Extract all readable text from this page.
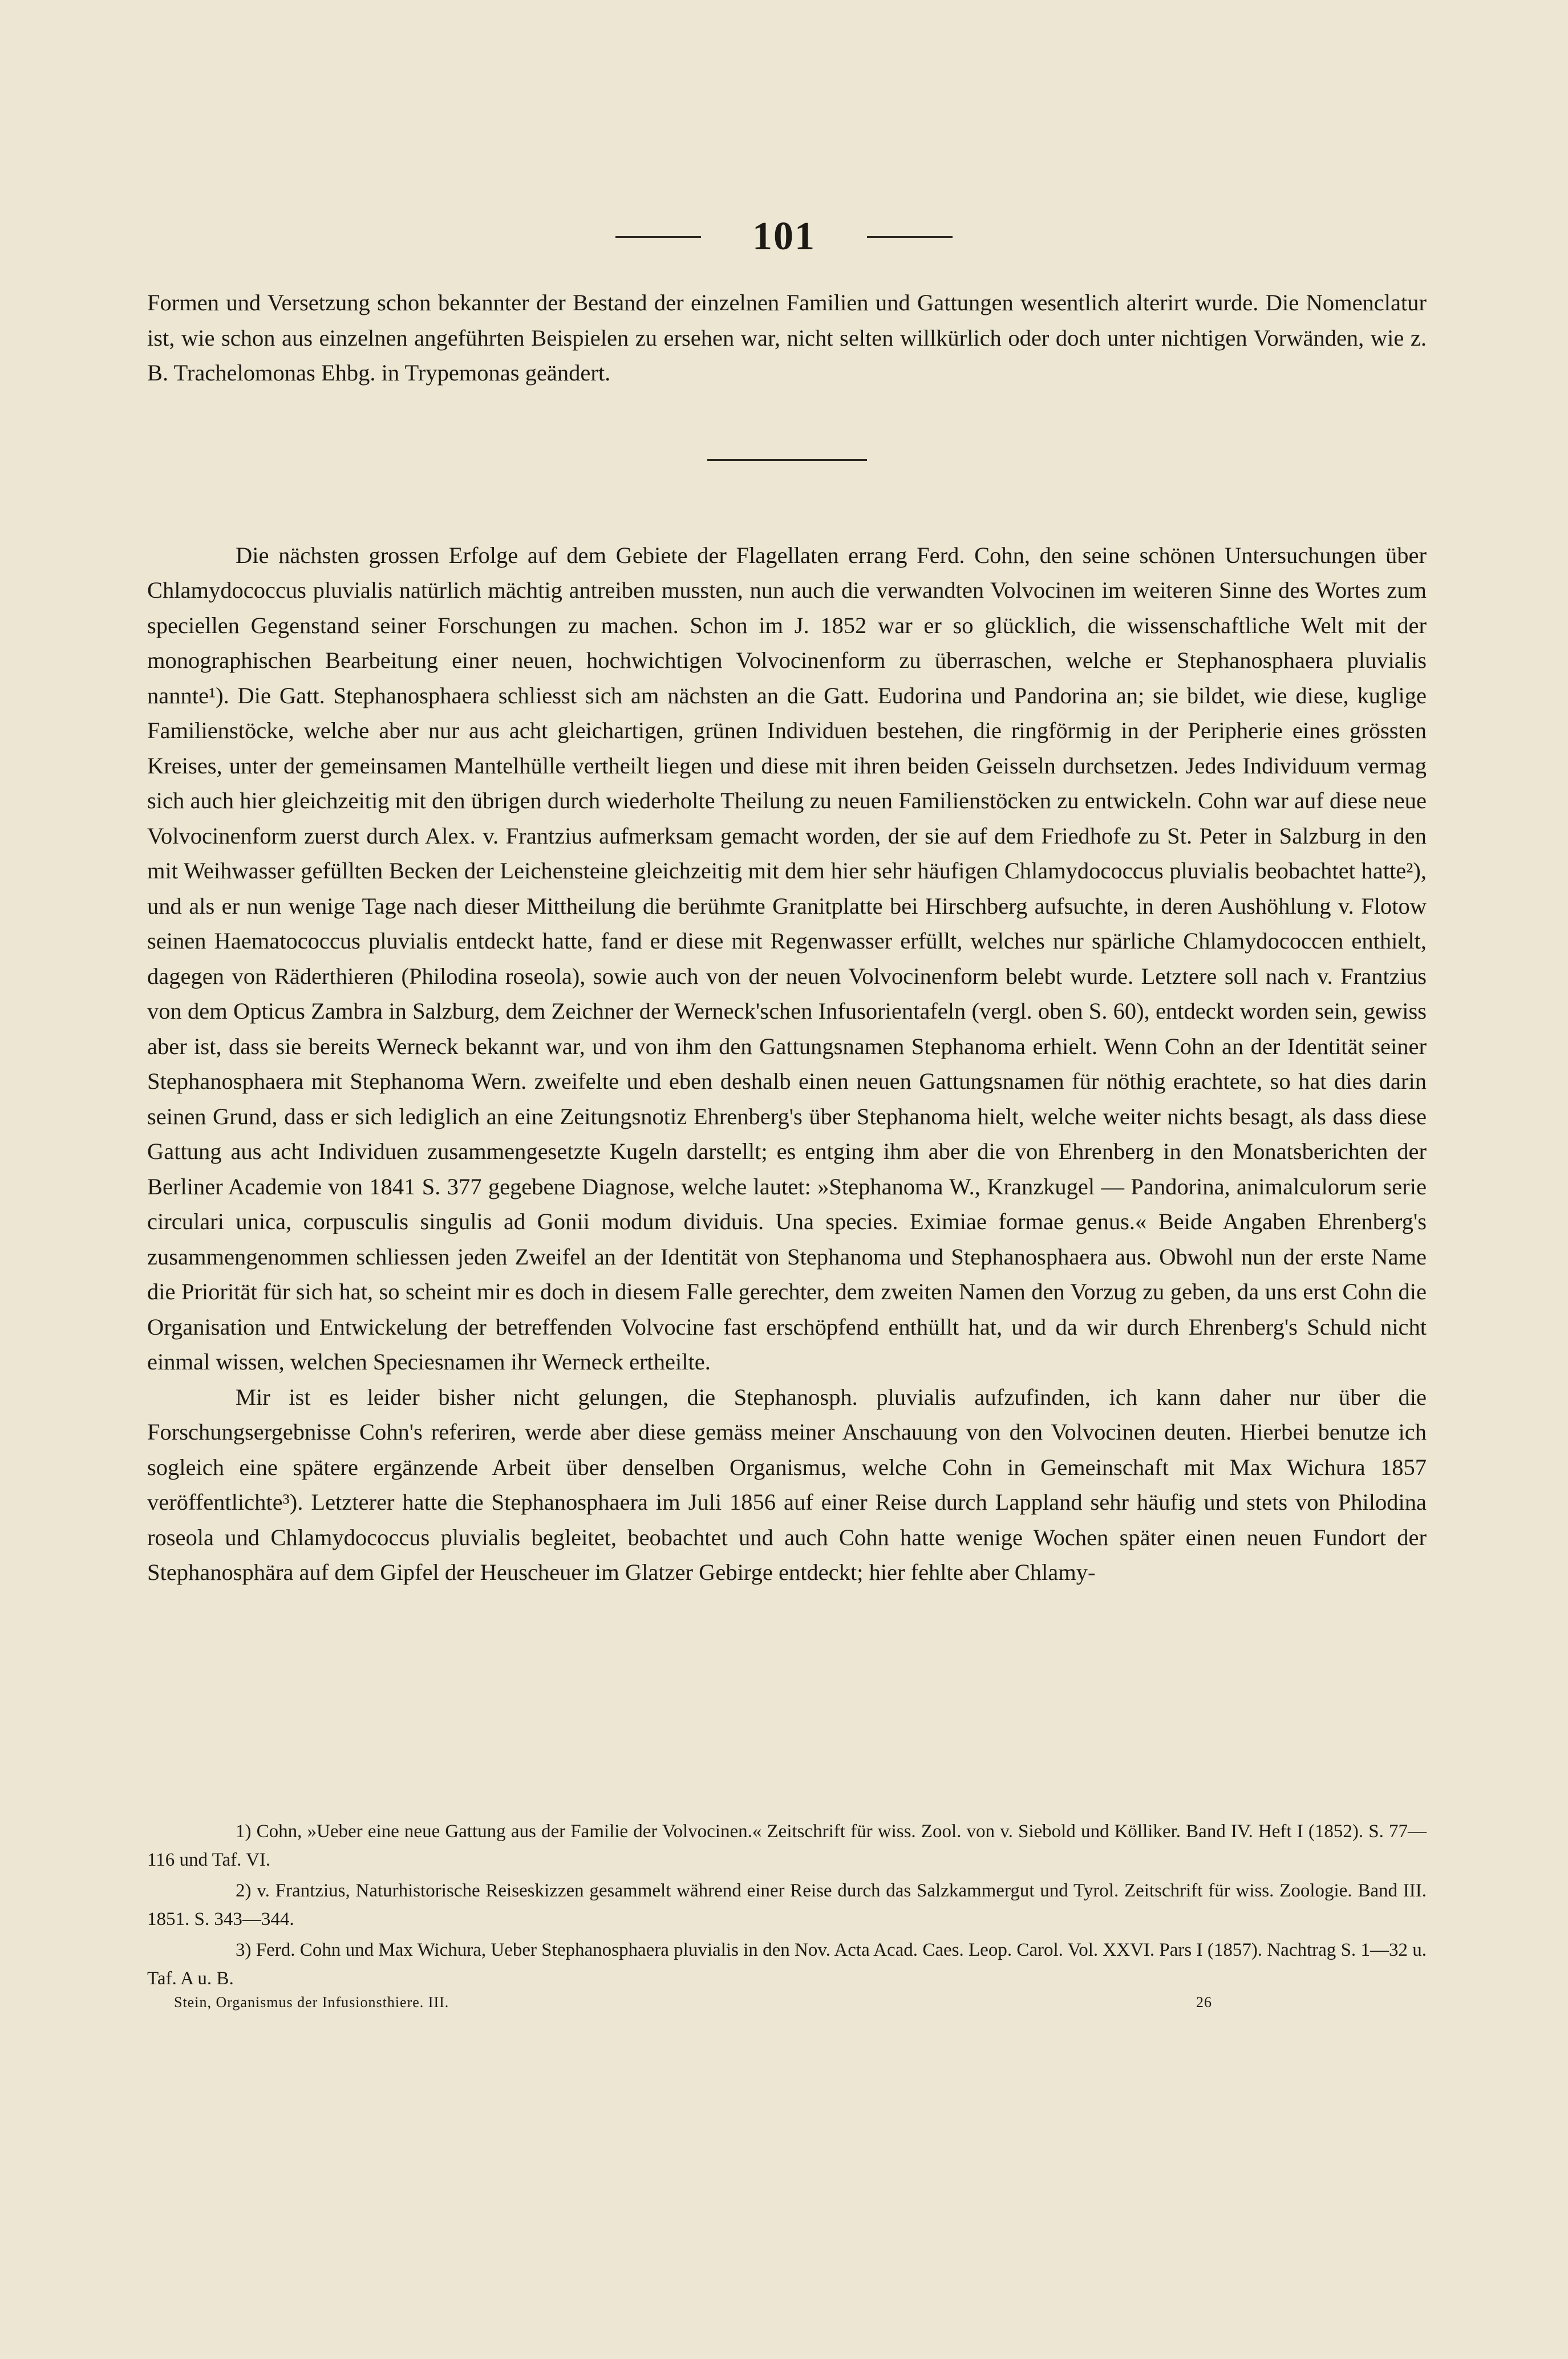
101

Formen und Versetzung schon bekannter der Bestand der einzelnen Familien und Gattungen wesentlich alterirt wurde. Die Nomenclatur ist, wie schon aus einzelnen angeführten Beispielen zu ersehen war, nicht selten willkürlich oder doch unter nichtigen Vorwänden, wie z. B. Trachelomonas Ehbg. in Trypemonas geändert.

Die nächsten grossen Erfolge auf dem Gebiete der Flagellaten errang Ferd. Cohn, den seine schönen Untersuchungen über Chlamydococcus pluvialis natürlich mächtig antreiben mussten, nun auch die verwandten Volvocinen im weiteren Sinne des Wortes zum speciellen Gegenstand seiner Forschungen zu machen. Schon im J. 1852 war er so glücklich, die wissenschaftliche Welt mit der monographischen Bearbeitung einer neuen, hochwichtigen Volvocinenform zu überraschen, welche er Stephanosphaera pluvialis nannte¹). Die Gatt. Stephanosphaera schliesst sich am nächsten an die Gatt. Eudorina und Pandorina an; sie bildet, wie diese, kuglige Familienstöcke, welche aber nur aus acht gleichartigen, grünen Individuen bestehen, die ringförmig in der Peripherie eines grössten Kreises, unter der gemeinsamen Mantelhülle vertheilt liegen und diese mit ihren beiden Geisseln durchsetzen. Jedes Individuum vermag sich auch hier gleichzeitig mit den übrigen durch wiederholte Theilung zu neuen Familienstöcken zu entwickeln. Cohn war auf diese neue Volvocinenform zuerst durch Alex. v. Frantzius aufmerksam gemacht worden, der sie auf dem Friedhofe zu St. Peter in Salzburg in den mit Weihwasser gefüllten Becken der Leichensteine gleichzeitig mit dem hier sehr häufigen Chlamydococcus pluvialis beobachtet hatte²), und als er nun wenige Tage nach dieser Mittheilung die berühmte Granitplatte bei Hirschberg aufsuchte, in deren Aushöhlung v. Flotow seinen Haematococcus pluvialis entdeckt hatte, fand er diese mit Regenwasser erfüllt, welches nur spärliche Chlamydococcen enthielt, dagegen von Räderthieren (Philodina roseola), sowie auch von der neuen Volvocinenform belebt wurde. Letztere soll nach v. Frantzius von dem Opticus Zambra in Salzburg, dem Zeichner der Werneck'schen Infusorientafeln (vergl. oben S. 60), entdeckt worden sein, gewiss aber ist, dass sie bereits Werneck bekannt war, und von ihm den Gattungsnamen Stephanoma erhielt. Wenn Cohn an der Identität seiner Stephanosphaera mit Stephanoma Wern. zweifelte und eben deshalb einen neuen Gattungsnamen für nöthig erachtete, so hat dies darin seinen Grund, dass er sich lediglich an eine Zeitungsnotiz Ehrenberg's über Stephanoma hielt, welche weiter nichts besagt, als dass diese Gattung aus acht Individuen zusammengesetzte Kugeln darstellt; es entging ihm aber die von Ehrenberg in den Monatsberichten der Berliner Academie von 1841 S. 377 gegebene Diagnose, welche lautet: »Stephanoma W., Kranzkugel — Pandorina, animalculorum serie circulari unica, corpusculis singulis ad Gonii modum dividuis. Una species. Eximiae formae genus.« Beide Angaben Ehrenberg's zusammengenommen schliessen jeden Zweifel an der Identität von Stephanoma und Stephanosphaera aus. Obwohl nun der erste Name die Priorität für sich hat, so scheint mir es doch in diesem Falle gerechter, dem zweiten Namen den Vorzug zu geben, da uns erst Cohn die Organisation und Entwickelung der betreffenden Volvocine fast erschöpfend enthüllt hat, und da wir durch Ehrenberg's Schuld nicht einmal wissen, welchen Speciesnamen ihr Werneck ertheilte.

Mir ist es leider bisher nicht gelungen, die Stephanosph. pluvialis aufzufinden, ich kann daher nur über die Forschungsergebnisse Cohn's referiren, werde aber diese gemäss meiner Anschauung von den Volvocinen deuten. Hierbei benutze ich sogleich eine spätere ergänzende Arbeit über denselben Organismus, welche Cohn in Gemeinschaft mit Max Wichura 1857 veröffentlichte³). Letzterer hatte die Stephanosphaera im Juli 1856 auf einer Reise durch Lappland sehr häufig und stets von Philodina roseola und Chlamydococcus pluvialis begleitet, beobachtet und auch Cohn hatte wenige Wochen später einen neuen Fundort der Stephanosphära auf dem Gipfel der Heuscheuer im Glatzer Gebirge entdeckt; hier fehlte aber Chlamy-

1) Cohn, »Ueber eine neue Gattung aus der Familie der Volvocinen.« Zeitschrift für wiss. Zool. von v. Siebold und Kölliker. Band IV. Heft I (1852). S. 77—116 und Taf. VI.

2) v. Frantzius, Naturhistorische Reiseskizzen gesammelt während einer Reise durch das Salzkammergut und Tyrol. Zeitschrift für wiss. Zoologie. Band III. 1851. S. 343—344.

3) Ferd. Cohn und Max Wichura, Ueber Stephanosphaera pluvialis in den Nov. Acta Acad. Caes. Leop. Carol. Vol. XXVI. Pars I (1857). Nachtrag S. 1—32 u. Taf. A u. B.

Stein, Organismus der Infusionsthiere. III.	26
